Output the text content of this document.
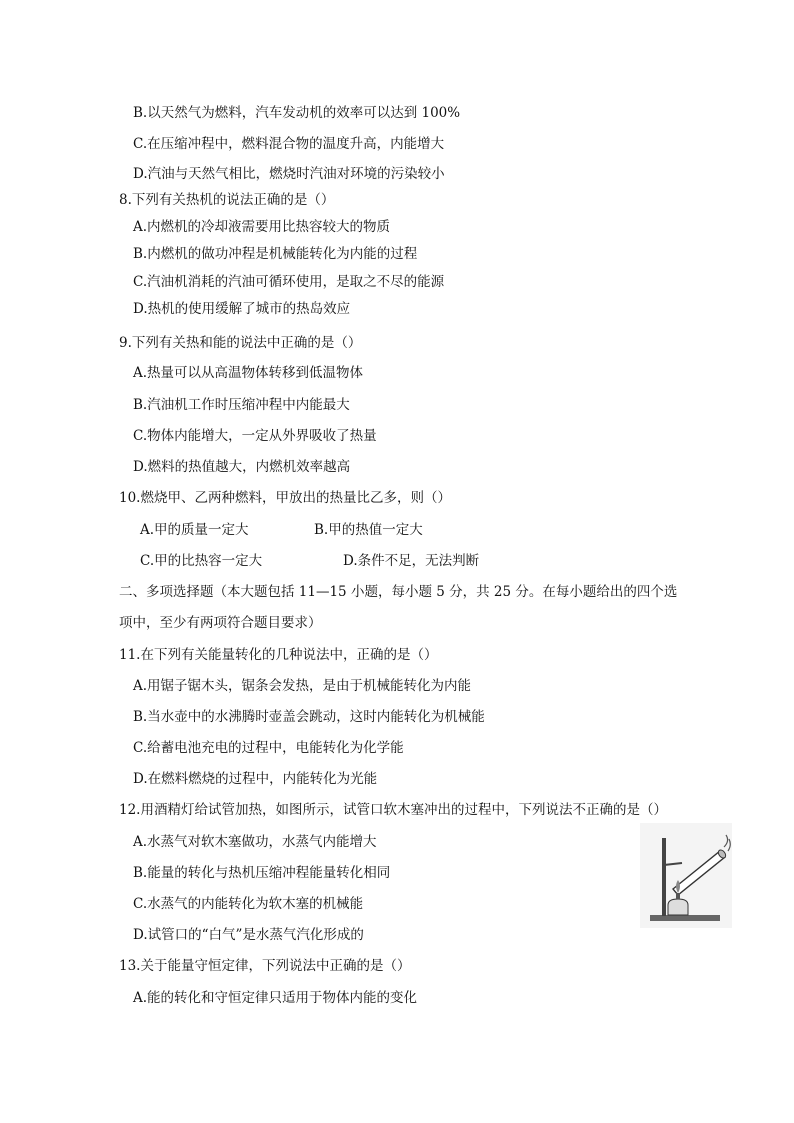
B.以天然气为燃料，汽车发动机的效率可以达到 100%
C.在压缩冲程中，燃料混合物的温度升高，内能增大
D.汽油与天然气相比，燃烧时汽油对环境的污染较小
8.下列有关热机的说法正确的是（）
A.内燃机的冷却液需要用比热容较大的物质
B.内燃机的做功冲程是机械能转化为内能的过程
C.汽油机消耗的汽油可循环使用，是取之不尽的能源
D.热机的使用缓解了城市的热岛效应
9.下列有关热和能的说法中正确的是（）
A.热量可以从高温物体转移到低温物体
B.汽油机工作时压缩冲程中内能最大
C.物体内能增大，一定从外界吸收了热量
D.燃料的热值越大，内燃机效率越高
10.燃烧甲、乙两种燃料，甲放出的热量比乙多，则（）
A.甲的质量一定大	B.甲的热值一定大
C.甲的比热容一定大	D.条件不足，无法判断
二、多项选择题（本大题包括 11—15 小题，每小题 5 分，共 25 分。在每小题给出的四个选
项中，至少有两项符合题目要求）
11.在下列有关能量转化的几种说法中，正确的是（）
A.用锯子锯木头，锯条会发热，是由于机械能转化为内能
B.当水壶中的水沸腾时壶盖会跳动，这时内能转化为机械能
C.给蓄电池充电的过程中，电能转化为化学能
D.在燃料燃烧的过程中，内能转化为光能
12.用酒精灯给试管加热，如图所示，试管口软木塞冲出的过程中，下列说法不正确的是（）
A.水蒸气对软木塞做功，水蒸气内能增大
B.能量的转化与热机压缩冲程能量转化相同
C.水蒸气的内能转化为软木塞的机械能
D.试管口的“白气”是水蒸气汽化形成的
13.关于能量守恒定律，下列说法中正确的是（）
A.能的转化和守恒定律只适用于物体内能的变化
